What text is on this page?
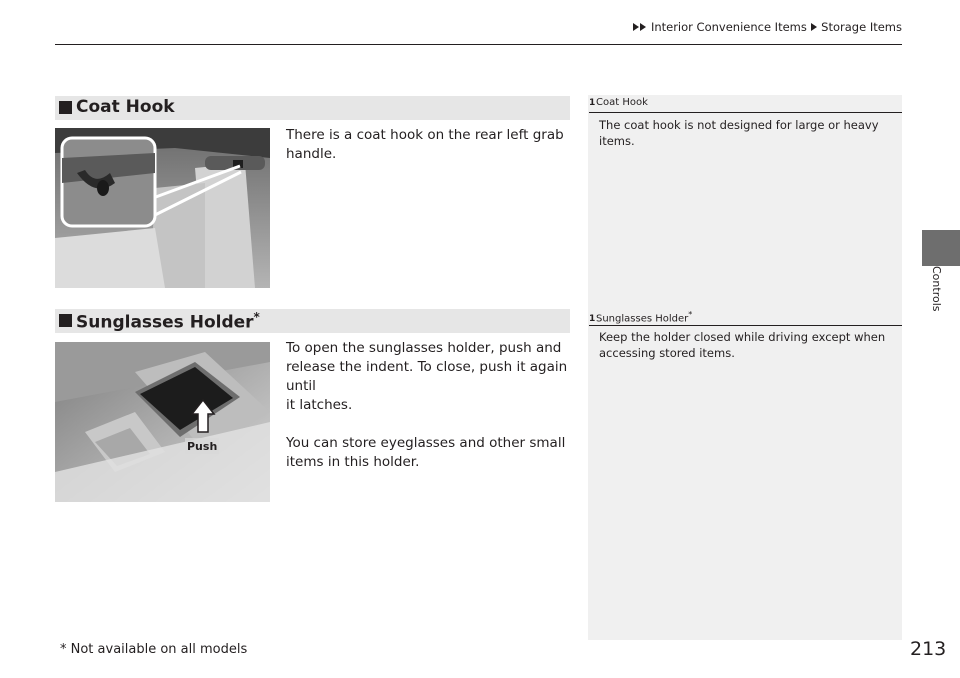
Interior Convenience Items Storage Items
Controls
Coat Hook
There is a coat hook on the rear left grab
handle.
1Coat Hook
The coat hook is not designed for large or heavy
items.
Sunglasses Holder*
Push
To open the sunglasses holder, push and
release the indent. To close, push it again until
it latches.
You can store eyeglasses and other small
items in this holder.
1Sunglasses Holder*
Keep the holder closed while driving except when
accessing stored items.
* Not available on all models	213
